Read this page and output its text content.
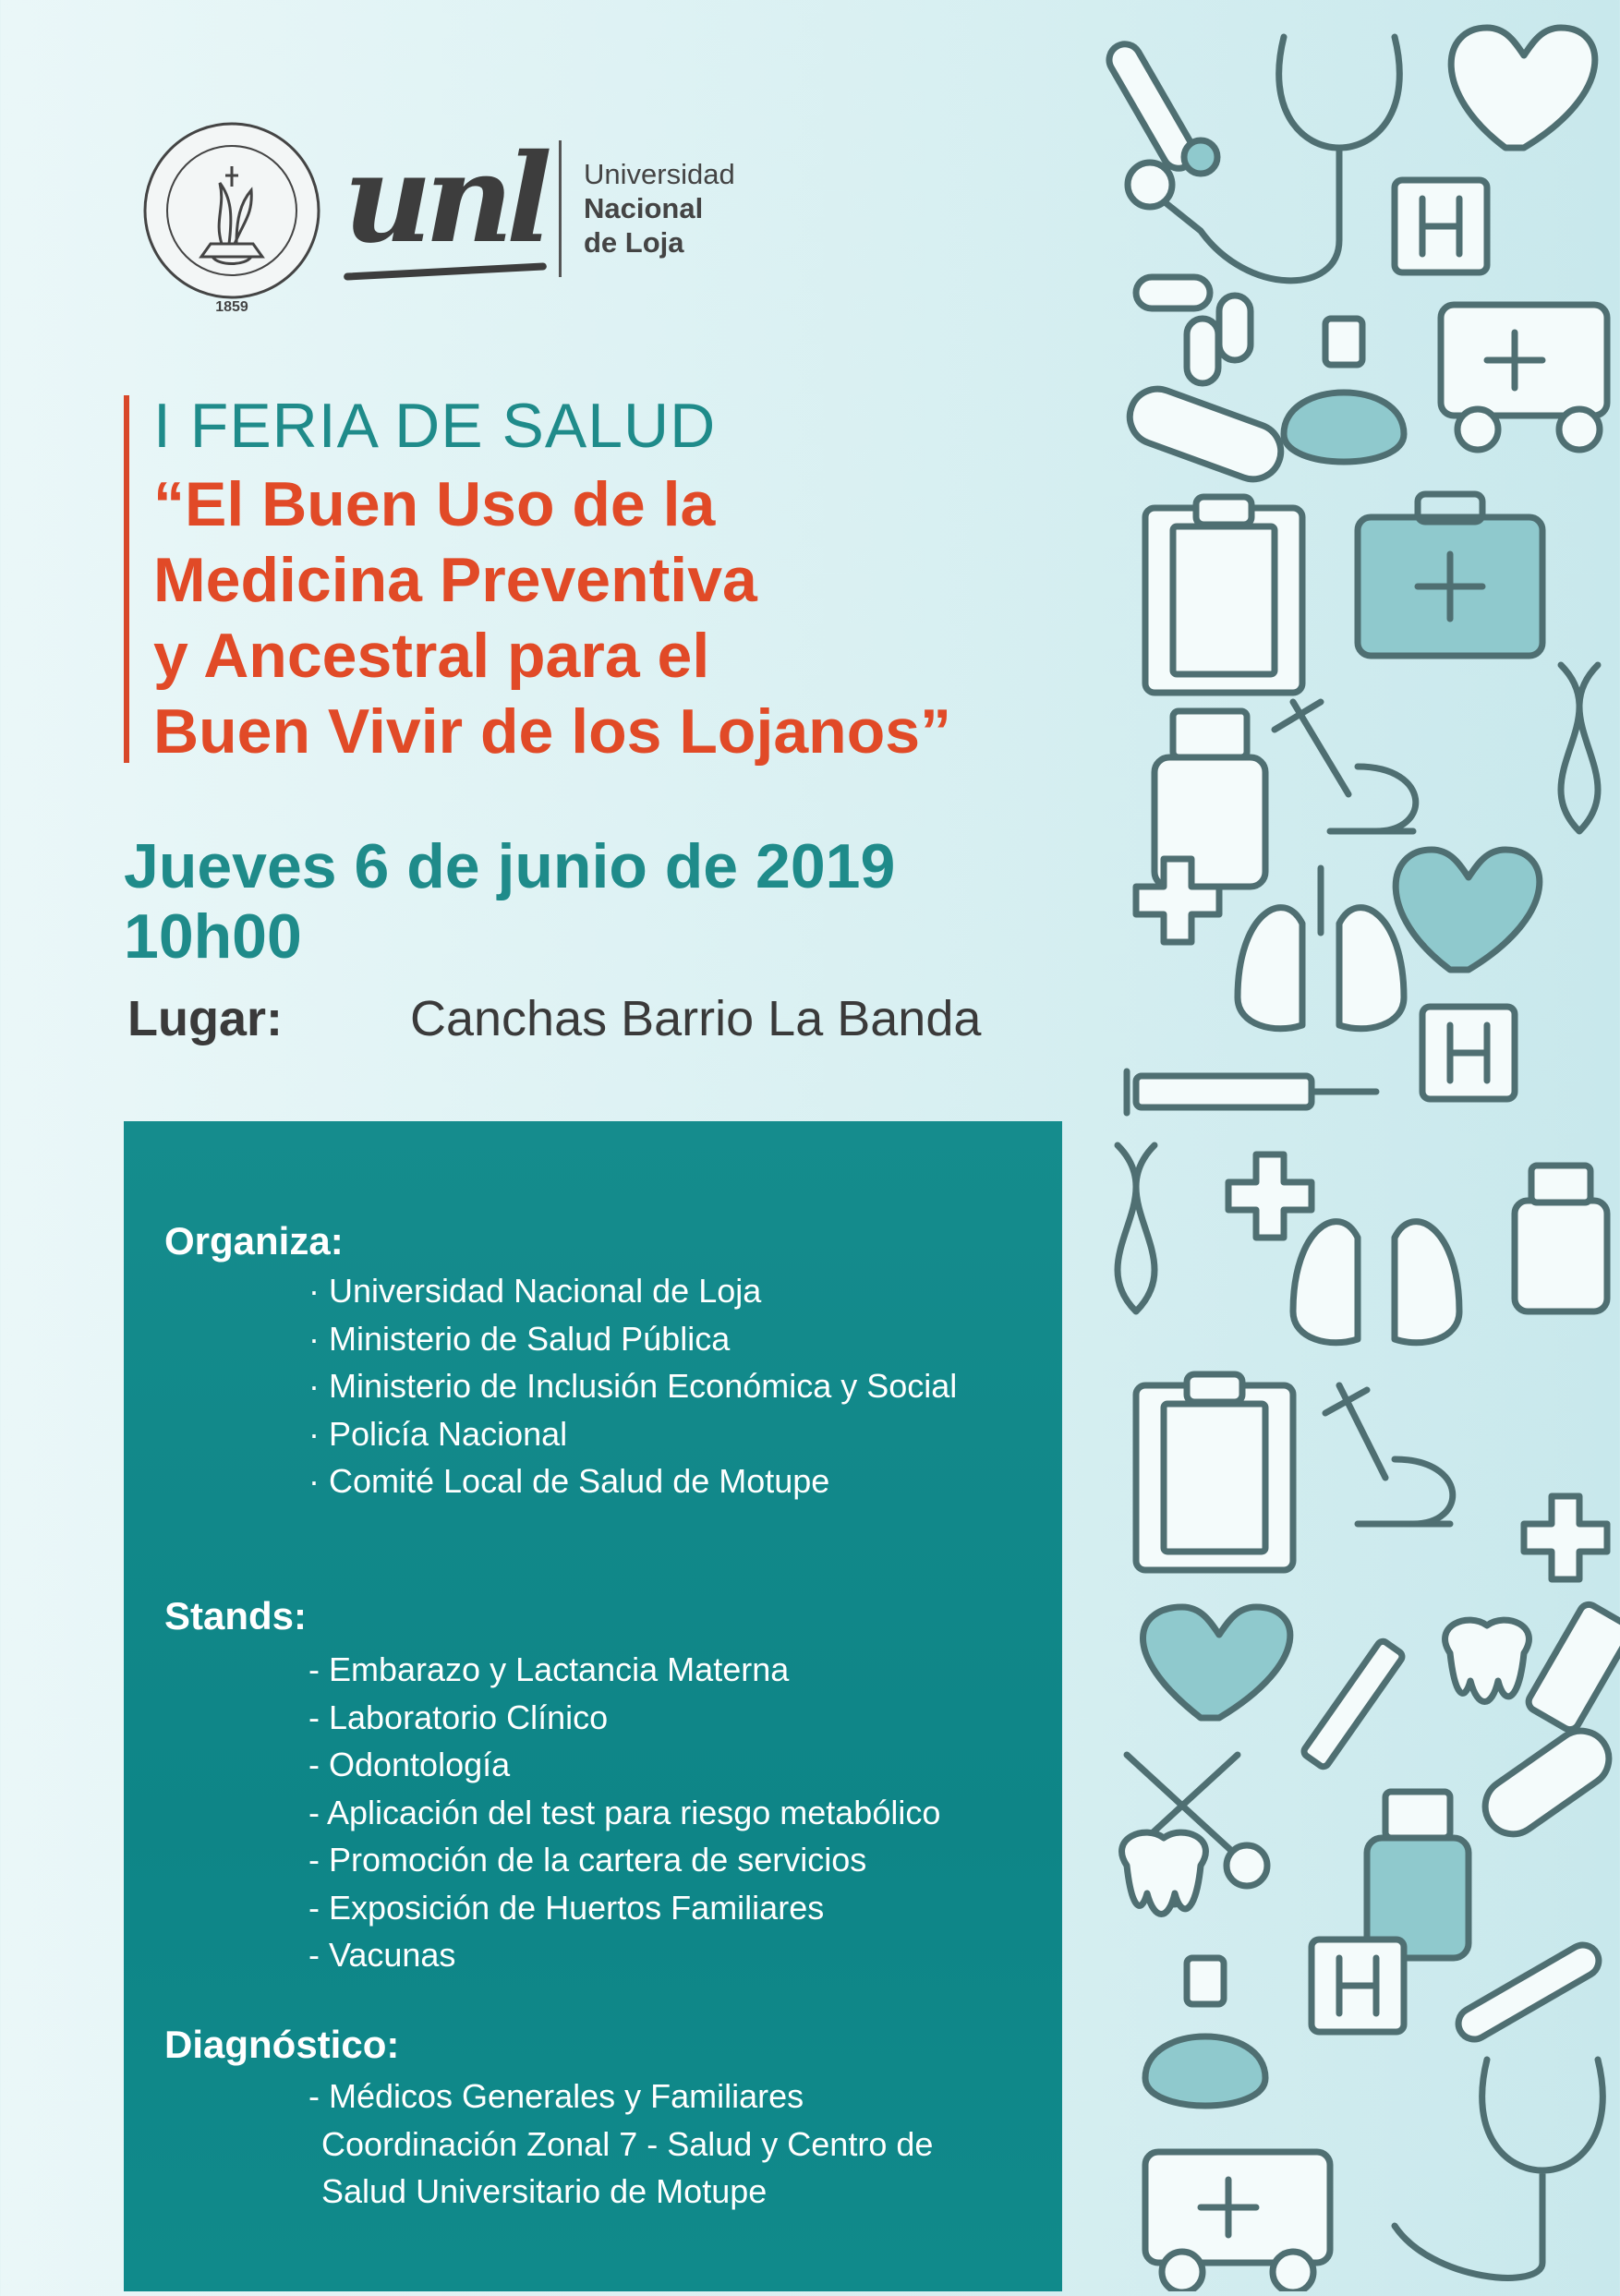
1859
unl Universidad
Nacional
de Loja
I FERIA DE SALUD
“El Buen Uso de la
Medicina Preventiva
y Ancestral para el
Buen Vivir de los Lojanos”
Jueves 6 de junio de 2019
10h00
Lugar:	Canchas Barrio La Banda
Organiza:
· Universidad Nacional de Loja
· Ministerio de Salud Pública
· Ministerio de Inclusión Económica y Social
· Policía Nacional
· Comité Local de Salud de Motupe
Stands:
- Embarazo y Lactancia Materna
- Laboratorio Clínico
- Odontología
- Aplicación del test para riesgo metabólico
- Promoción de la cartera de servicios
- Exposición de Huertos Familiares
- Vacunas
Diagnóstico:
- Médicos Generales y Familiares
Coordinación Zonal 7 - Salud y Centro de
Salud Universitario de Motupe
